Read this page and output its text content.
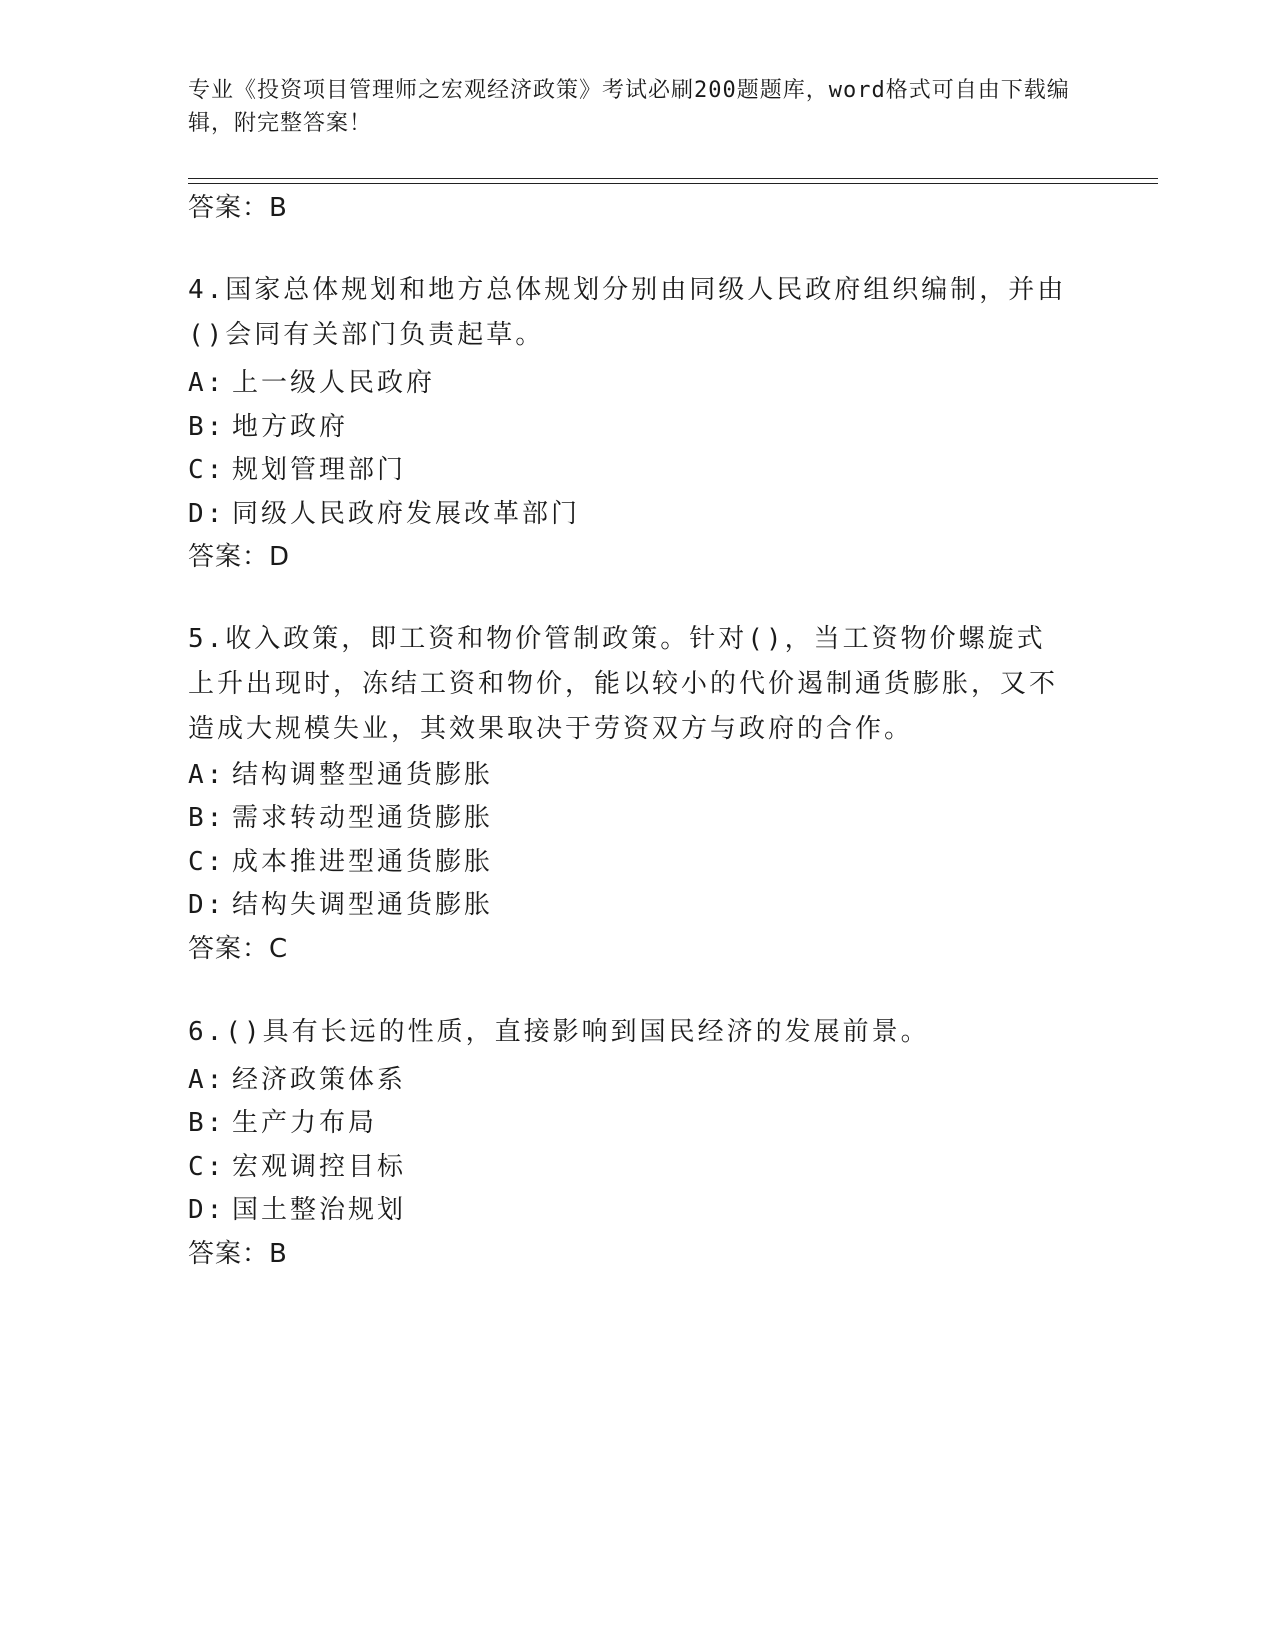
专业《投资项目管理师之宏观经济政策》考试必刷200题题库，word格式可自由下载编辑，附完整答案！
答案：B
4.国家总体规划和地方总体规划分别由同级人民政府组织编制，并由()会同有关部门负责起草。
A: 上一级人民政府
B: 地方政府
C: 规划管理部门
D: 同级人民政府发展改革部门
答案：D
5.收入政策，即工资和物价管制政策。针对()，当工资物价螺旋式上升出现时，冻结工资和物价，能以较小的代价遏制通货膨胀，又不造成大规模失业，其效果取决于劳资双方与政府的合作。
A: 结构调整型通货膨胀
B: 需求转动型通货膨胀
C: 成本推进型通货膨胀
D: 结构失调型通货膨胀
答案：C
6.()具有长远的性质，直接影响到国民经济的发展前景。
A: 经济政策体系
B: 生产力布局
C: 宏观调控目标
D: 国土整治规划
答案：B
